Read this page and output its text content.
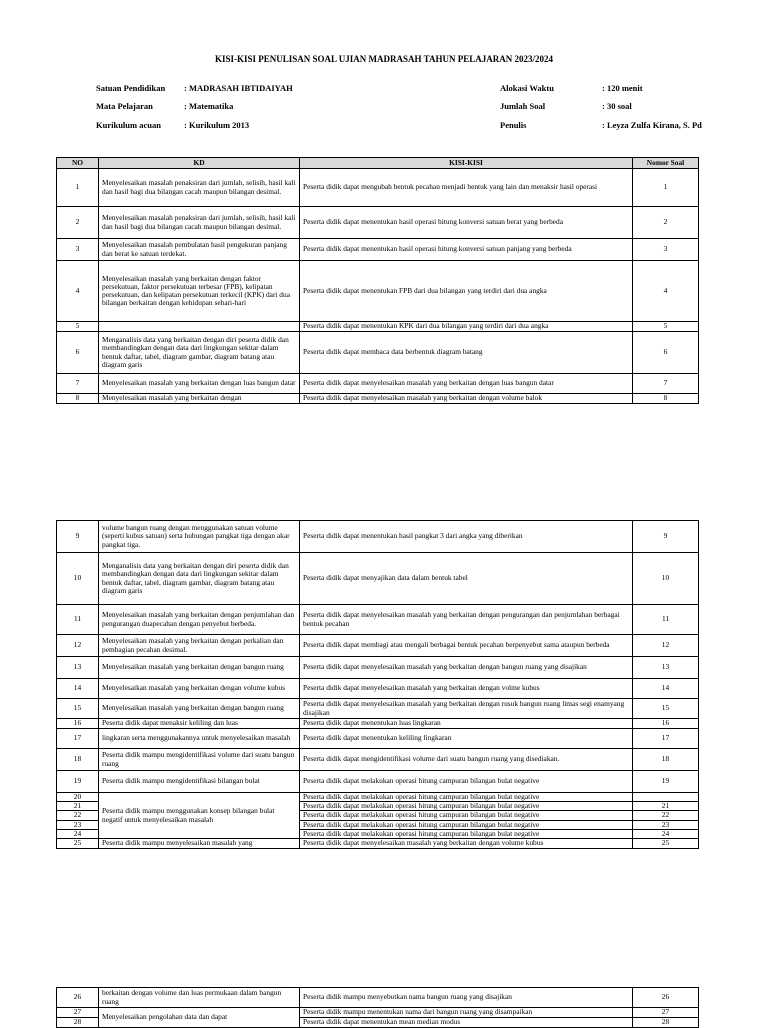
KISI-KISI PENULISAN SOAL UJIAN MADRASAH TAHUN PELAJARAN 2023/2024
Satuan Pendidikan : MADRASAH IBTIDAIYAH
Mata Pelajaran	: Matematika
Kurikulum acuan	: Kurikulum 2013
Alokasi Waktu	: 120 menit
Jumlah Soal	: 30 soal
Penulis	: Leyza Zulfa Kirana, S. Pd
NO	KD	KISI-KISI	Nomor Soal
1	Menyelesaikan masalah penaksiran dari jumlah, selisih, hasil kali dan hasil bagi dua bilangan cacah maupun bilangan desimal.	Peserta didik dapat mengubah bentuk pecahan menjadi bentuk yang lain dan menaksir hasil operasi	1
2	Menyelesaikan masalah penaksiran dari jumlah, selisih, hasil kali dan hasil bagi dua bilangan cacah maupun bilangan desimal.	Peserta didik dapat menentukan hasil operasi hitung konversi satuan berat yang berbeda	2
3	Menyelesaikan masalah pembulatan hasil pengukuran panjang dan berat ke satuan terdekat.	Peserta didik dapat menentukan hasil operasi hitung konversi satuan panjang yang berbeda	3
4	Menyelesaikan masalah yang berkaitan dengan faktor persekutuan, faktor persekutuan terbesar (FPB), kelipatan persekutuan, dan kelipatan persekutuan terkecil (KPK) dari dua bilangan berkaitan dengan kehidupan sehari-hari	Peserta didik dapat menentukan FPB dari dua bilangan yang terdiri dari dua angka	4
5		Peserta didik dapat menentukan KPK dari dua bilangan yang terdiri dari dua angka	5
6	Menganalisis data yang berkaitan dengan diri peserta didik dan membandingkan dengan data dari lingkungan sekitar dalam bentuk daftar, tabel, diagram gambar, diagram batang atau diagram garis	Peserta didik dapat membaca data berbentuk diagram batang	6
7	Menyelesaikan masalah yang berkaitan dengan luas bangun datar	Peserta didik dapat menyelesaikan masalah yang berkaitan dengan luas bangun datar	7
8	Menyelesaikan masalah yang berkaitan dengan	Peserta didik dapat menyelesaikan masalah yang berkaitan dengan volume balok	8
9	volume bangun ruang dengan menggunakan satuan volume (seperti kubus satuan) serta hubungan pangkat tiga dengan akar pangkat tiga.	Peserta didik dapat menentukan hasil pangkat 3 dari angka yang diberikan	9
10	Menganalisis data yang berkaitan dengan diri peserta didik dan membandingkan dengan data dari lingkungan sekitar dalam bentuk daftar, tabel, diagram gambar, diagram batang atau diagram garis	Peserta didik dapat menyajikan data dalam bentuk tabel	10
11	Menyelesaikan masalah yang berkaitan dengan penjumlahan dan pengurangan duapecahan dengan penyebut berbeda.	Peserta didik dapat menyelesaikan masalah yang berkaitan dengan pengurangan dan penjumlahan berbagai bentuk pecahan	11
12	Menyelesaikan masalah yang berkaitan dengan perkalian dan pembagian pecahan desimal.	Peserta didik dapat membagi atau mengali berbagai bentuk pecahan berpenyebut sama ataupun berbeda	12
13	Menyelesaikan masalah yang berkaitan dengan bangun ruang	Peserta didik dapat menyelesaikan masalah yang berkaitan dengan bangun ruang yang disajikan	13
14	Menyelesaikan masalah yang berkaitan dengan volume kubus	Peserta didik dapat menyelesaikan masalah yang berkaitan dengan volme kubus	14
15	Menyelesaikan masalah yang berkaitan dengan bangun ruang	Peserta didik dapat menyelesaikan masalah yang berkaitan dengan rusuk bangun ruang limas segi enamyang disajikan	15
16	Peserta didik dapat menaksir keliling dan luas	Peserta didik dapat menentukan luas lingkaran	16
17	lingkaran serta menggunakannya untuk menyelesaikan masalah	Peserta didik dapat menentukan keliling lingkaran	17
18	Peserta didik mampu mengidentifikasi volume dari suatu bangun ruang	Peserta didik dapat mengidentifikasi volume dari suatu bangun ruang yang disediakan.	18
19	Peserta didik mampu mengidentifikasi bilangan bulat	Peserta didik dapat melakukan operasi hitung campuran bilangan bulat negative	19
20	Peserta didik mampu menggunakan konsep bilangan bulat negatif untuk menyelesaikan masalah	Peserta didik dapat melakukan operasi hitung campuran bilangan bulat negative	
21		Peserta didik dapat melakukan operasi hitung campuran bilangan bulat negative	21
22		Peserta didik dapat melakukan operasi hitung campuran bilangan bulat negative	22
23		Peserta didik dapat melakukan operasi hitung campuran bilangan bulat negative	23
24		Peserta didik dapat melakukan operasi hitung campuran bilangan bulat negative	24
25	Peserta didik mampu menyelesaikan masalah yang	Peserta didik dapat menyelesaikan masalah yang berkaitan dengan volume kubus	25
26	berkaitan dengan volume dan luas permukaan dalam bangun ruang	Peserta didik mampu menyebutkan nama bangun ruang yang disajikan	26
27	Menyelesaikan pengolahan data dan dapat	Peserta didik mampu menentukan nama dari bangun ruang yang disampaikan	27
28		Peserta didik dapat menentukan mean median modus	28
